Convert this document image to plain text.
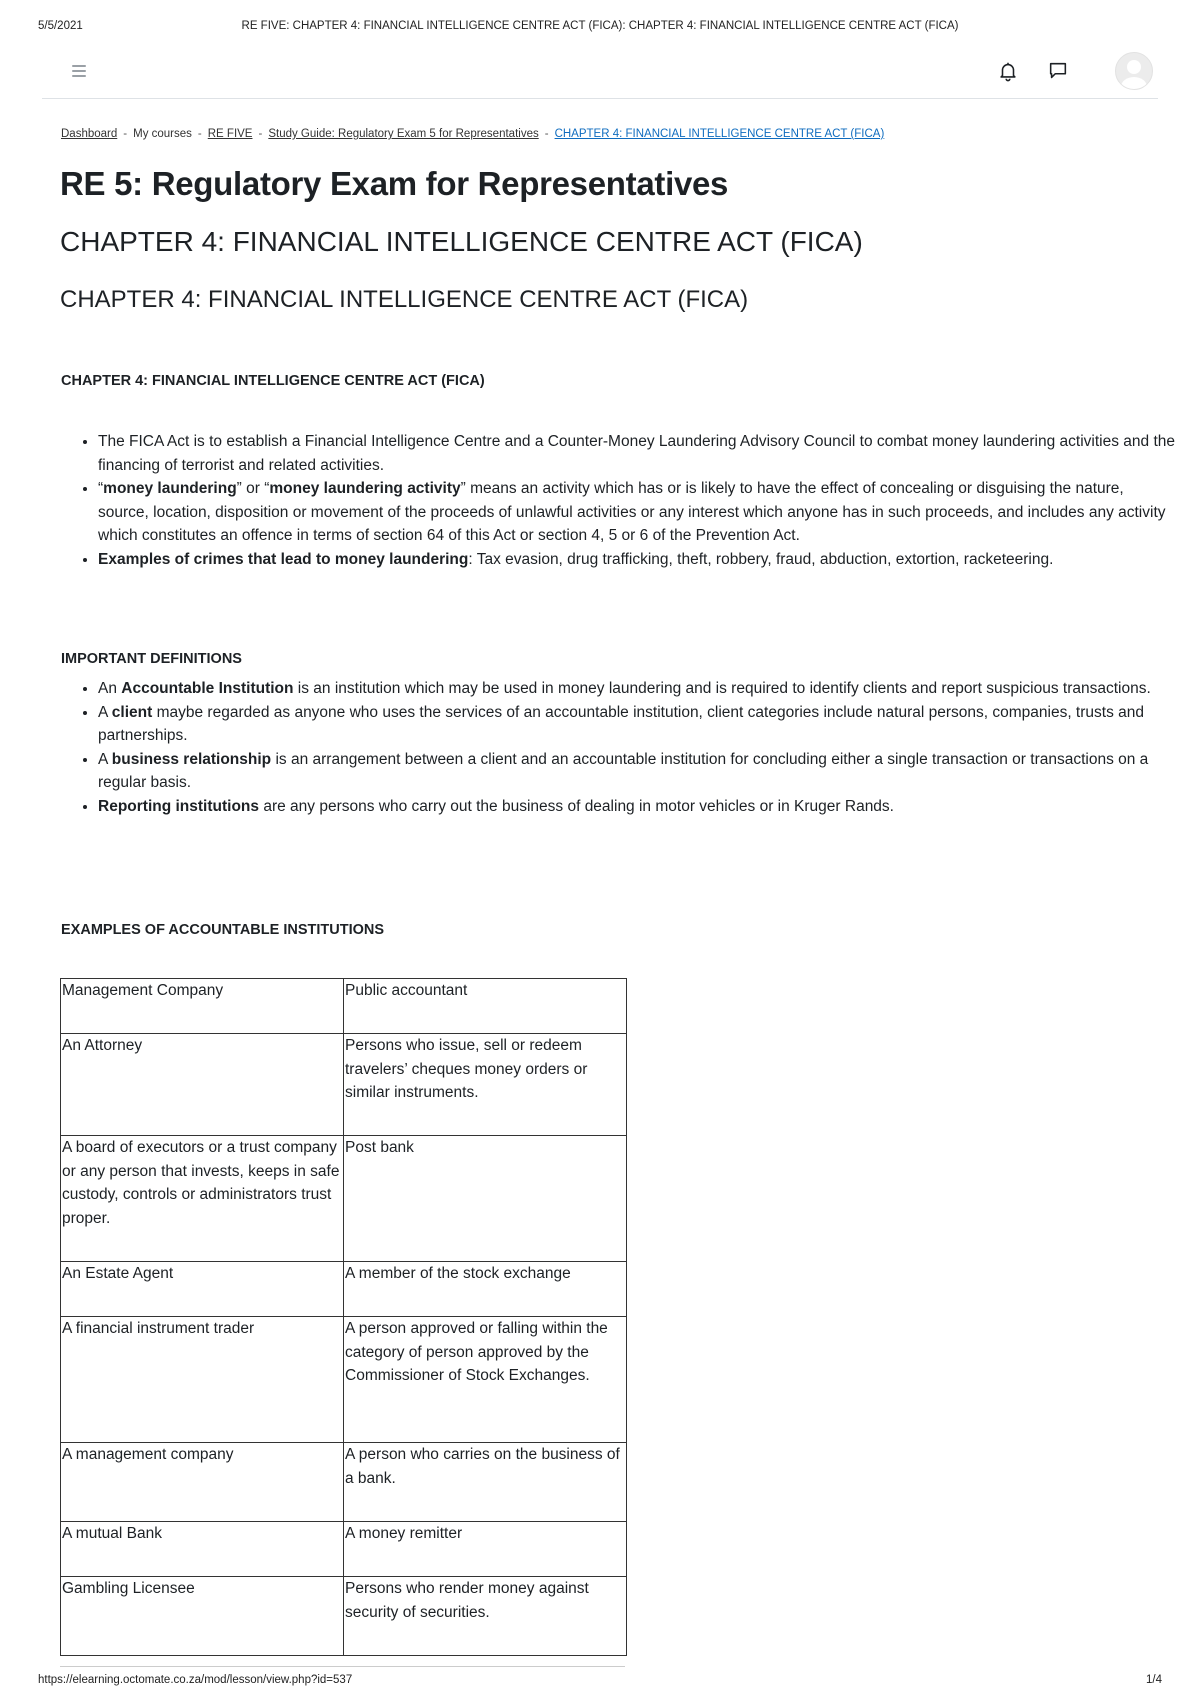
5/5/2021	RE FIVE: CHAPTER 4: FINANCIAL INTELLIGENCE CENTRE ACT (FICA): CHAPTER 4: FINANCIAL INTELLIGENCE CENTRE ACT (FICA)
Dashboard - My courses - RE FIVE - Study Guide: Regulatory Exam 5 for Representatives - CHAPTER 4: FINANCIAL INTELLIGENCE CENTRE ACT (FICA)
RE 5: Regulatory Exam for Representatives
CHAPTER 4: FINANCIAL INTELLIGENCE CENTRE ACT (FICA)
CHAPTER 4: FINANCIAL INTELLIGENCE CENTRE ACT (FICA)

CHAPTER 4: FINANCIAL INTELLIGENCE CENTRE ACT (FICA)

• The FICA Act is to establish a Financial Intelligence Centre and a Counter-Money Laundering Advisory Council to combat money laundering activities and the financing of terrorist and related activities.
• “money laundering” or “money laundering activity” means an activity which has or is likely to have the effect of concealing or disguising the nature, source, location, disposition or movement of the proceeds of unlawful activities or any interest which anyone has in such proceeds, and includes any activity which constitutes an offence in terms of section 64 of this Act or section 4, 5 or 6 of the Prevention Act.
• Examples of crimes that lead to money laundering: Tax evasion, drug trafficking, theft, robbery, fraud, abduction, extortion, racketeering.

IMPORTANT DEFINITIONS

• An Accountable Institution is an institution which may be used in money laundering and is required to identify clients and report suspicious transactions.
• A client maybe regarded as anyone who uses the services of an accountable institution, client categories include natural persons, companies, trusts and partnerships.
• A business relationship is an arrangement between a client and an accountable institution for concluding either a single transaction or transactions on a regular basis.
• Reporting institutions are any persons who carry out the business of dealing in motor vehicles or in Kruger Rands.

EXAMPLES OF ACCOUNTABLE INSTITUTIONS

Management Company	Public accountant
An Attorney	Persons who issue, sell or redeem travelers’ cheques money orders or similar instruments.
A board of executors or a trust company or any person that invests, keeps in safe custody, controls or administrators trust proper.	Post bank
An Estate Agent	A member of the stock exchange
A financial instrument trader	A person approved or falling within the category of person approved by the Commissioner of Stock Exchanges.
A management company	A person who carries on the business of a bank.
A mutual Bank	A money remitter
Gambling Licensee	Persons who render money against security of securities.
https://elearning.octomate.co.za/mod/lesson/view.php?id=537	1/4
